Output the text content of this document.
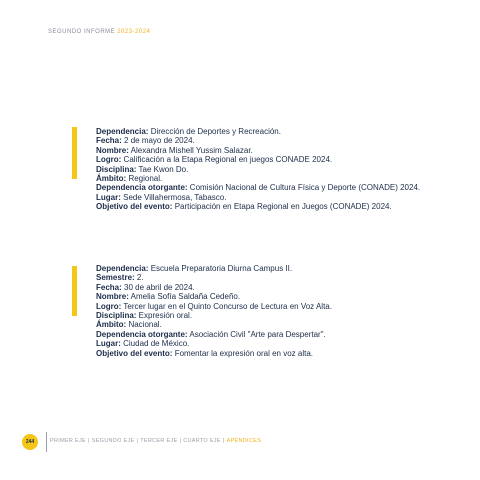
SEGUNDO INFORME 2023-2024
Dependencia: Dirección de Deportes y Recreación.
Fecha: 2 de mayo de 2024.
Nombre: Alexandra Mishell Yussim Salazar.
Logro: Calificación a la Etapa Regional en juegos CONADE 2024.
Disciplina: Tae Kwon Do.
Ámbito: Regional.
Dependencia otorgante: Comisión Nacional de Cultura Física y Deporte (CONADE) 2024.
Lugar: Sede Villahermosa, Tabasco.
Objetivo del evento: Participación en Etapa Regional en Juegos (CONADE) 2024.
Dependencia: Escuela Preparatoria Diurna Campus II.
Semestre: 2.
Fecha: 30 de abril de 2024.
Nombre: Amelia Sofía Saldaña Cedeño.
Logro: Tercer lugar en el Quinto Concurso de Lectura en Voz Alta.
Disciplina: Expresión oral.
Ámbito: Nacional.
Dependencia otorgante: Asociación Civil "Arte para Despertar".
Lugar: Ciudad de México.
Objetivo del evento: Fomentar la expresión oral en voz alta.
244	PRIMER EJE | SEGUNDO EJE | TERCER EJE | CUARTO EJE | APÉNDICES
